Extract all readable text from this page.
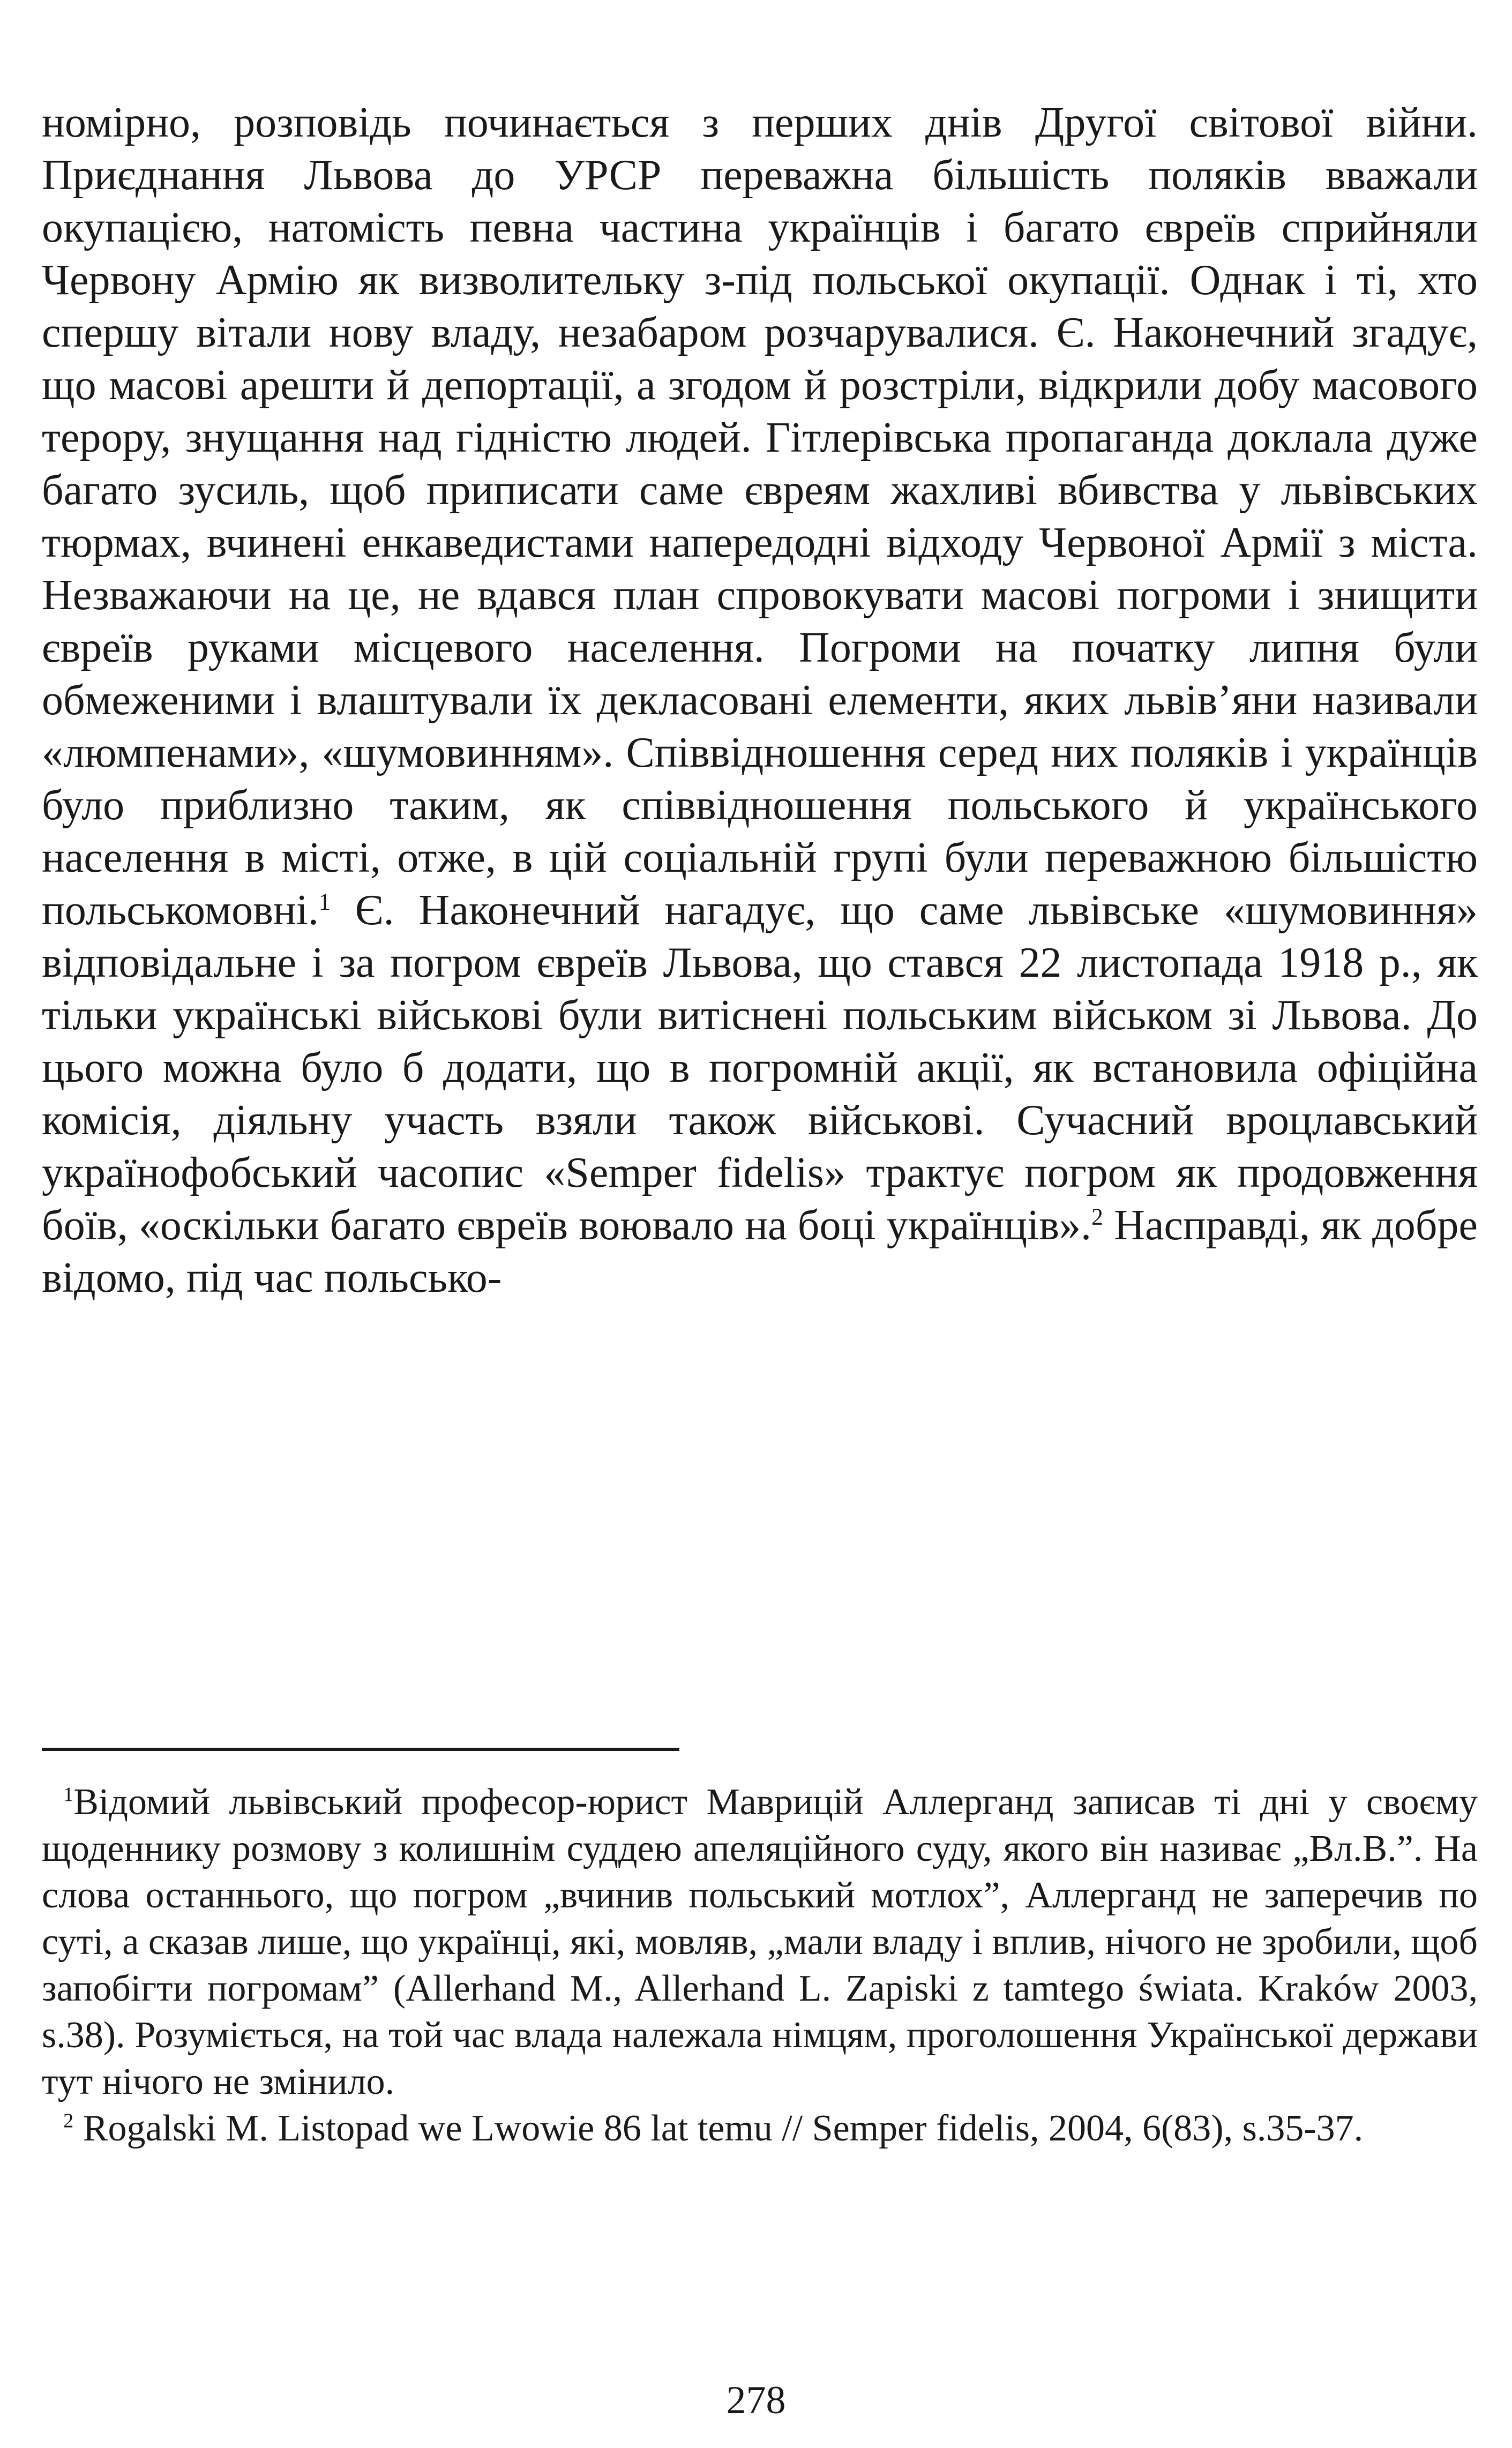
номірно, розповідь починається з перших днів Другої світової війни. Приєднання Львова до УРСР переважна більшість поляків вважали окупацією, натомість певна частина українців і багато євреїв сприйняли Червону Армію як визволительку з-під польської окупації. Однак і ті, хто спершу вітали нову владу, незабаром розчарувалися. Є. Наконечний згадує, що масові арешти й депортації, а згодом й розстріли, відкрили добу масового терору, знущання над гідністю людей. Гітлерівська пропаганда доклала дуже багато зусиль, щоб приписати саме євреям жахливі вбивства у львівських тюрмах, вчинені енкаведистами напередодні відходу Червоної Армії з міста. Незважаючи на це, не вдався план спровокувати масові погроми і знищити євреїв руками місцевого населення. Погроми на початку липня були обмеженими і влаштували їх декласовані елементи, яких львів’яни називали «люмпенами», «шумовинням». Співвідношення серед них поляків і українців було приблизно таким, як співвідношення польського й українського населення в місті, отже, в цій соціальній групі були переважною більшістю польськомовні.$^1$ Є. Наконечний нагадує, що саме львівське «шумовиння» відповідальне і за погром євреїв Львова, що стався 22 листопада 1918 р., як тільки українські військові були витіснені польським військом зі Львова. До цього можна було б додати, що в погромній акції, як встановила офіційна комісія, діяльну участь взяли також військові. Сучасний вроцлавський українофобський часопис «Semper fidelis» трактує погром як продовження боїв, «оскільки багато євреїв воювало на боці українців».$^2$ Насправді, як добре відомо, під час польсько-

$^1$Відомий львівський професор-юрист Маврицій Аллерганд записав ті дні у своєму щоденнику розмову з колишнім суддею апеляційного суду, якого він називає „Вл.В.”. На слова останнього, що погром „вчинив польський мотлох”, Аллерганд не заперечив по суті, а сказав лише, що українці, які, мовляв, „мали владу і вплив, нічого не зробили, щоб запобігти погромам” (Allerhand M., Allerhand L. Zapiski z tamtego świata. Kraków 2003, s.38). Розуміється, на той час влада належала німцям, проголошення Української держави тут нічого не змінило.

$^2$ Rogalski M. Listopad we Lwowie 86 lat temu // Semper fidelis, 2004, 6(83), s.35-37.

278
